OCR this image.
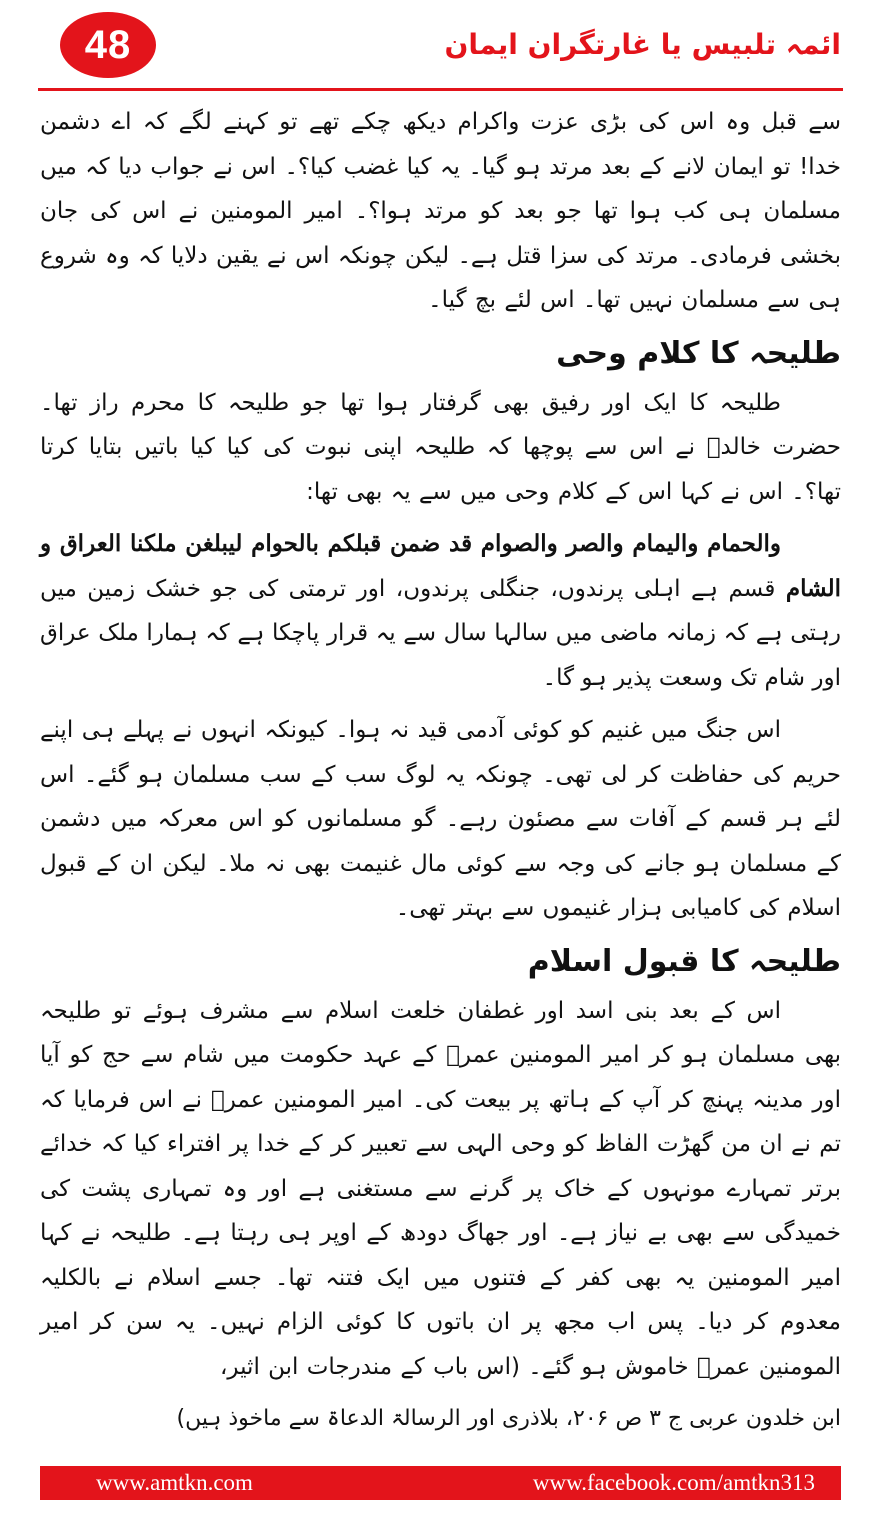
48	ائمہ تلبیس یا غارتگران ایمان

سے قبل وہ اس کی بڑی عزت واکرام دیکھ چکے تھے تو کہنے لگے کہ اے دشمن خدا! تو ایمان لانے کے بعد مرتد ہو گیا۔ یہ کیا غضب کیا؟۔ اس نے جواب دیا کہ میں مسلمان ہی کب ہوا تھا جو بعد کو مرتد ہوا؟۔ امیر المومنین نے اس کی جان بخشی فرمادی۔ مرتد کی سزا قتل ہے۔ لیکن چونکہ اس نے یقین دلایا کہ وہ شروع ہی سے مسلمان نہیں تھا۔ اس لئے بچ گیا۔

طلیحہ کا کلام وحی

طلیحہ کا ایک اور رفیق بھی گرفتار ہوا تھا جو طلیحہ کا محرم راز تھا۔ حضرت خالدؓ نے اس سے پوچھا کہ طلیحہ اپنی نبوت کی کیا کیا باتیں بتایا کرتا تھا؟۔ اس نے کہا اس کے کلام وحی میں سے یہ بھی تھا:

والحمام واليمام والصر والصوام قد ضمن قبلكم بالحوام ليبلغن ملكنا العراق و الشام قسم ہے اہلی پرندوں، جنگلی پرندوں، اور ترمتی کی جو خشک زمین میں رہتی ہے کہ زمانہ ماضی میں سالہا سال سے یہ قرار پاچکا ہے کہ ہمارا ملک عراق اور شام تک وسعت پذیر ہو گا۔

اس جنگ میں غنیم کو کوئی آدمی قید نہ ہوا۔ کیونکہ انہوں نے پہلے ہی اپنے حریم کی حفاظت کر لی تھی۔ چونکہ یہ لوگ سب کے سب مسلمان ہو گئے۔ اس لئے ہر قسم کے آفات سے مصئون رہے۔ گو مسلمانوں کو اس معرکہ میں دشمن کے مسلمان ہو جانے کی وجہ سے کوئی مال غنیمت بھی نہ ملا۔ لیکن ان کے قبول اسلام کی کامیابی ہزار غنیموں سے بہتر تھی۔

طلیحہ کا قبول اسلام

اس کے بعد بنی اسد اور غطفان خلعت اسلام سے مشرف ہوئے تو طلیحہ بھی مسلمان ہو کر امیر المومنین عمرؓ کے عہد حکومت میں شام سے حج کو آیا اور مدینہ پہنچ کر آپ کے ہاتھ پر بیعت کی۔ امیر المومنین عمرؓ نے اس فرمایا کہ تم نے ان من گھڑت الفاظ کو وحی الہی سے تعبیر کر کے خدا پر افتراء کیا کہ خدائے برتر تمہارے مونہوں کے خاک پر گرنے سے مستغنی ہے اور وہ تمہاری پشت کی خمیدگی سے بھی بے نیاز ہے۔ اور جھاگ دودھ کے اوپر ہی رہتا ہے۔ طلیحہ نے کہا امیر المومنین یہ بھی کفر کے فتنوں میں ایک فتنہ تھا۔ جسے اسلام نے بالکلیہ معدوم کر دیا۔ پس اب مجھ پر ان باتوں کا کوئی الزام نہیں۔ یہ سن کر امیر المومنین عمرؓ خاموش ہو گئے۔ (اس باب کے مندرجات ابن اثیر،

ابن خلدون عربی ج ۳ ص ۲۰۶، بلاذری اور الرسالۃ الدعاۃ سے ماخوذ ہیں)

www.amtkn.com	www.facebook.com/amtkn313
